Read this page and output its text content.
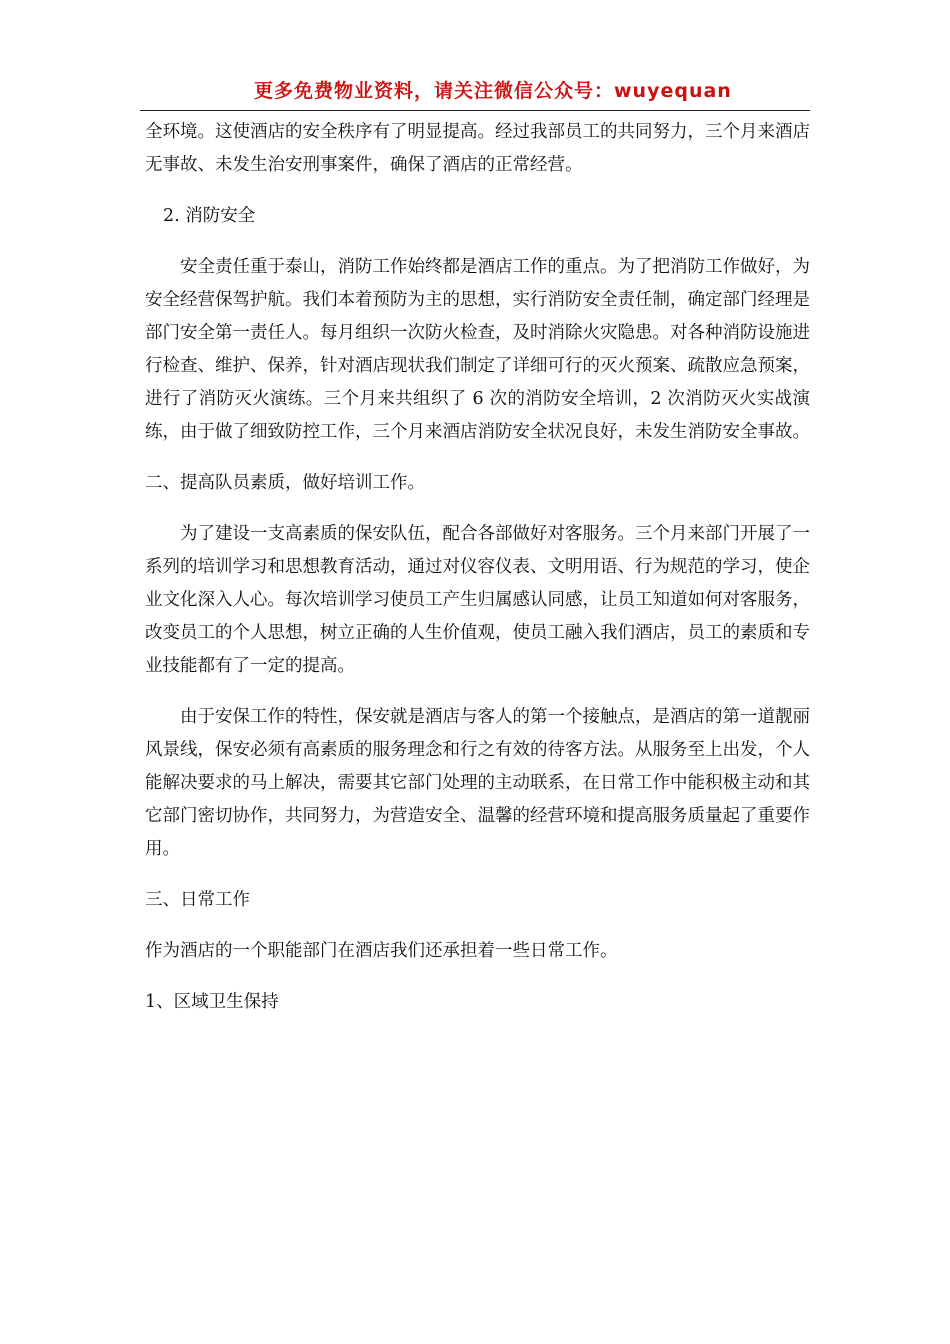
更多免费物业资料，请关注微信公众号：wuyequan

全环境。这使酒店的安全秩序有了明显提高。经过我部员工的共同努力，三个月来酒店无事故、未发生治安刑事案件，确保了酒店的正常经营。

2. 消防安全

安全责任重于泰山，消防工作始终都是酒店工作的重点。为了把消防工作做好，为安全经营保驾护航。我们本着预防为主的思想，实行消防安全责任制，确定部门经理是部门安全第一责任人。每月组织一次防火检查，及时消除火灾隐患。对各种消防设施进行检查、维护、保养，针对酒店现状我们制定了详细可行的灭火预案、疏散应急预案，进行了消防灭火演练。三个月来共组织了 6 次的消防安全培训，2 次消防灭火实战演练，由于做了细致防控工作，三个月来酒店消防安全状况良好，未发生消防安全事故。

二、提高队员素质，做好培训工作。

为了建设一支高素质的保安队伍，配合各部做好对客服务。三个月来部门开展了一系列的培训学习和思想教育活动，通过对仪容仪表、文明用语、行为规范的学习，使企业文化深入人心。每次培训学习使员工产生归属感认同感，让员工知道如何对客服务，改变员工的个人思想，树立正确的人生价值观，使员工融入我们酒店，员工的素质和专业技能都有了一定的提高。

由于安保工作的特性，保安就是酒店与客人的第一个接触点，是酒店的第一道靓丽风景线，保安必须有高素质的服务理念和行之有效的待客方法。从服务至上出发，个人能解决要求的马上解决，需要其它部门处理的主动联系，在日常工作中能积极主动和其它部门密切协作，共同努力，为营造安全、温馨的经营环境和提高服务质量起了重要作用。

三、日常工作

作为酒店的一个职能部门在酒店我们还承担着一些日常工作。

1、区域卫生保持
